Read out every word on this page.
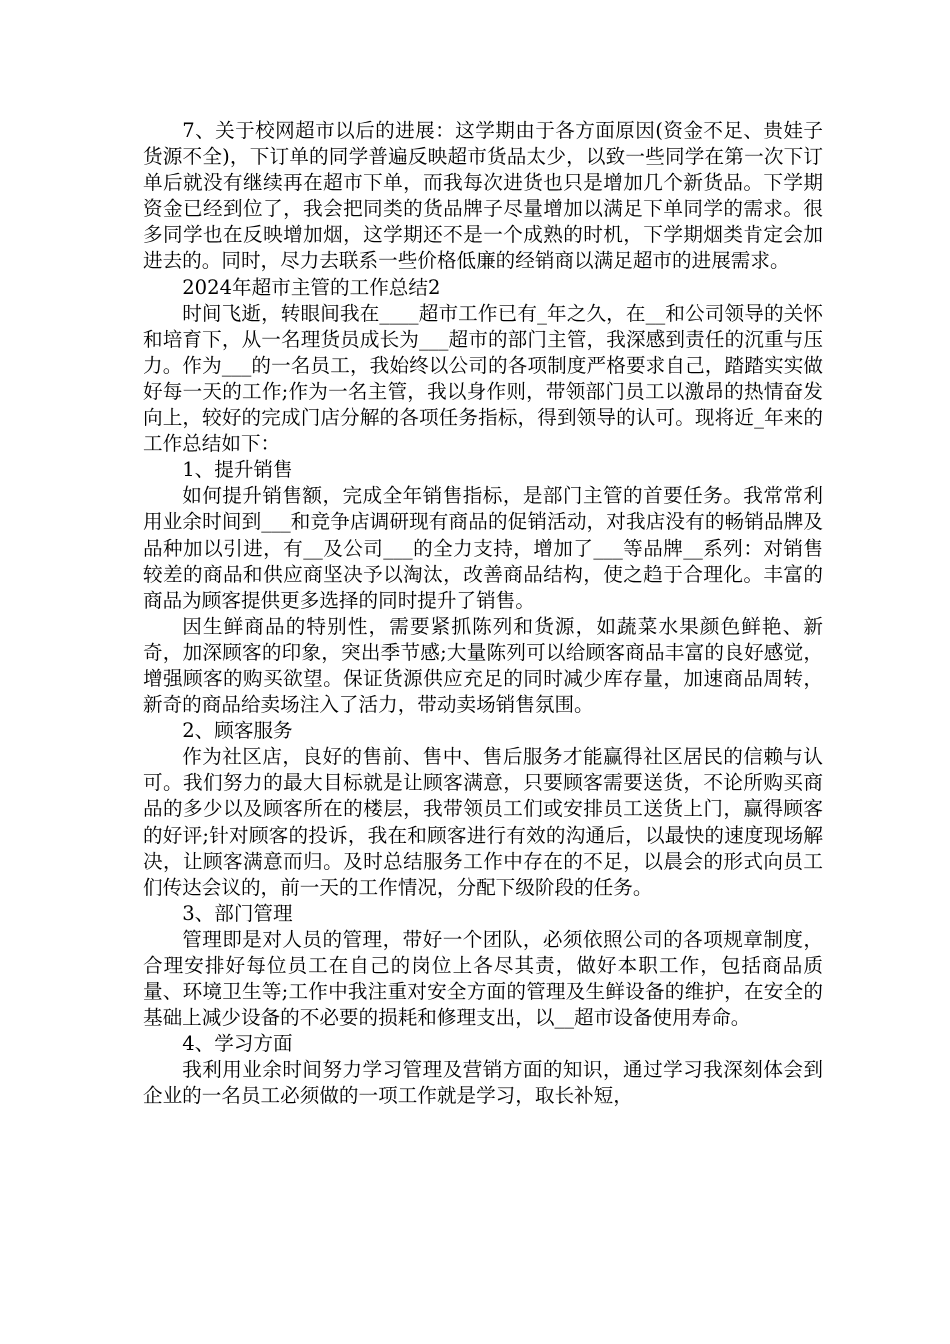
7、关于校网超市以后的进展：这学期由于各方面原因(资金不足、贵娃子货源不全)，下订单的同学普遍反映超市货品太少，以致一些同学在第一次下订单后就没有继续再在超市下单，而我每次进货也只是增加几个新货品。下学期资金已经到位了，我会把同类的货品牌子尽量增加以满足下单同学的需求。很多同学也在反映增加烟，这学期还不是一个成熟的时机，下学期烟类肯定会加进去的。同时，尽力去联系一些价格低廉的经销商以满足超市的进展需求。

2024年超市主管的工作总结2

时间飞逝，转眼间我在____超市工作已有_年之久，在__和公司领导的关怀和培育下，从一名理货员成长为___超市的部门主管，我深感到责任的沉重与压力。作为___的一名员工，我始终以公司的各项制度严格要求自己，踏踏实实做好每一天的工作;作为一名主管，我以身作则，带领部门员工以激昂的热情奋发向上，较好的完成门店分解的各项任务指标，得到领导的认可。现将近_年来的工作总结如下：

1、提升销售

如何提升销售额，完成全年销售指标，是部门主管的首要任务。我常常利用业余时间到___和竞争店调研现有商品的促销活动，对我店没有的畅销品牌及品种加以引进，有__及公司___的全力支持，增加了___等品牌__系列：对销售较差的商品和供应商坚决予以淘汰，改善商品结构，使之趋于合理化。丰富的商品为顾客提供更多选择的同时提升了销售。

因生鲜商品的特别性，需要紧抓陈列和货源，如蔬菜水果颜色鲜艳、新奇，加深顾客的印象，突出季节感;大量陈列可以给顾客商品丰富的良好感觉，增强顾客的购买欲望。保证货源供应充足的同时减少库存量，加速商品周转，新奇的商品给卖场注入了活力，带动卖场销售氛围。

2、顾客服务

作为社区店，良好的售前、售中、售后服务才能赢得社区居民的信赖与认可。我们努力的最大目标就是让顾客满意，只要顾客需要送货，不论所购买商品的多少以及顾客所在的楼层，我带领员工们或安排员工送货上门，赢得顾客的好评;针对顾客的投诉，我在和顾客进行有效的沟通后，以最快的速度现场解决，让顾客满意而归。及时总结服务工作中存在的不足，以晨会的形式向员工们传达会议的，前一天的工作情况，分配下级阶段的任务。

3、部门管理

管理即是对人员的管理，带好一个团队，必须依照公司的各项规章制度，合理安排好每位员工在自己的岗位上各尽其责，做好本职工作，包括商品质量、环境卫生等;工作中我注重对安全方面的管理及生鲜设备的维护，在安全的基础上减少设备的不必要的损耗和修理支出，以__超市设备使用寿命。

4、学习方面

我利用业余时间努力学习管理及营销方面的知识，通过学习我深刻体会到企业的一名员工必须做的一项工作就是学习，取长补短，
